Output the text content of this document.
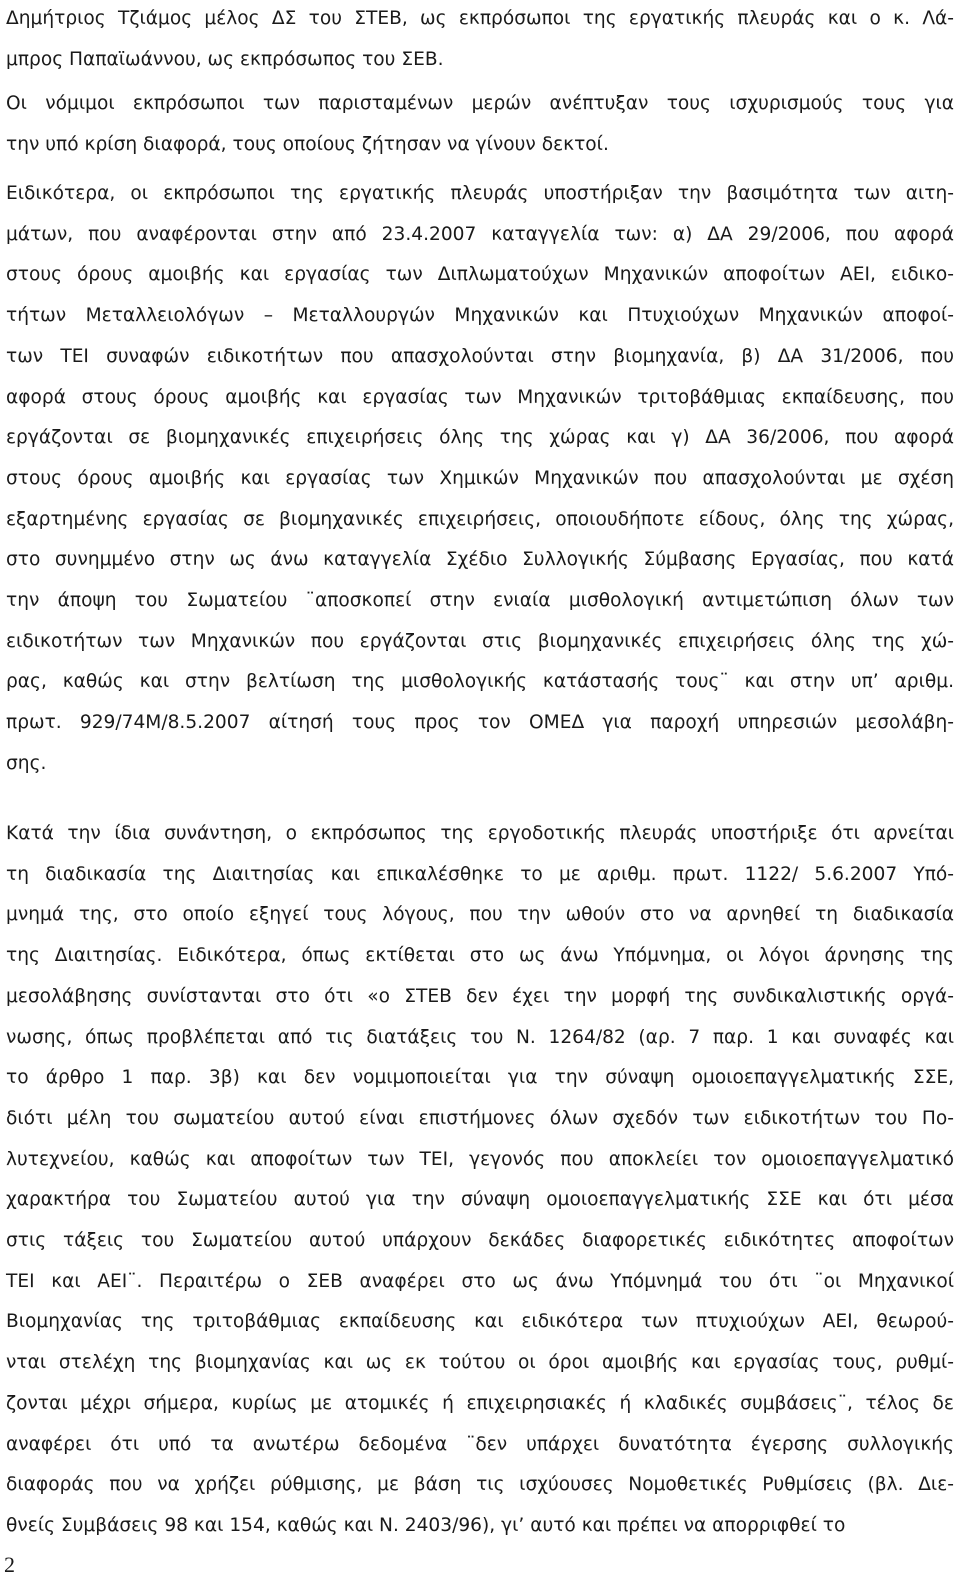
Δημήτριος Τζιάμος μέλος ΔΣ του ΣΤΕΒ, ως εκπρόσωποι της εργατικής πλευράς και ο κ. Λά-
μπρος Παπαϊωάννου, ως εκπρόσωπος του ΣΕΒ.
Οι νόμιμοι εκπρόσωποι των παρισταμένων μερών ανέπτυξαν τους ισχυρισμούς τους για
την υπό κρίση διαφορά, τους οποίους ζήτησαν να γίνουν δεκτοί.
Ειδικότερα, οι εκπρόσωποι της εργατικής πλευράς υποστήριξαν την βασιμότητα των αιτη-
μάτων, που αναφέρονται στην από 23.4.2007 καταγγελία των: α) ΔΑ 29/2006, που αφορά
στους όρους αμοιβής και εργασίας των Διπλωματούχων Μηχανικών αποφοίτων ΑΕΙ, ειδικο-
τήτων Μεταλλειολόγων – Μεταλλουργών Μηχανικών και Πτυχιούχων Μηχανικών αποφοί-
των ΤΕΙ συναφών ειδικοτήτων που απασχολούνται στην βιομηχανία, β) ΔΑ 31/2006, που
αφορά στους όρους αμοιβής και εργασίας των Μηχανικών τριτοβάθμιας εκπαίδευσης, που
εργάζονται σε βιομηχανικές επιχειρήσεις όλης της χώρας και γ) ΔΑ 36/2006, που αφορά
στους όρους αμοιβής και εργασίας των Χημικών Μηχανικών που απασχολούνται με σχέση
εξαρτημένης εργασίας σε βιομηχανικές επιχειρήσεις, οποιουδήποτε είδους, όλης της χώρας,
στο συνημμένο στην ως άνω καταγγελία Σχέδιο Συλλογικής Σύμβασης Εργασίας, που κατά
την άποψη του Σωματείου ¨αποσκοπεί στην ενιαία μισθολογική αντιμετώπιση όλων των
ειδικοτήτων των Μηχανικών που εργάζονται στις βιομηχανικές επιχειρήσεις όλης της χώ-
ρας, καθώς και στην βελτίωση της μισθολογικής κατάστασής τους¨ και στην υπ’ αριθμ.
πρωτ. 929/74Μ/8.5.2007 αίτησή τους προς τον ΟΜΕΔ για παροχή υπηρεσιών μεσολάβη-
σης.
Κατά την ίδια συνάντηση, ο εκπρόσωπος της εργοδοτικής πλευράς υποστήριξε ότι αρνείται
τη διαδικασία της Διαιτησίας και επικαλέσθηκε το με αριθμ. πρωτ. 1122/ 5.6.2007 Υπό-
μνημά της, στο οποίο εξηγεί τους λόγους, που την ωθούν στο να αρνηθεί τη διαδικασία
της Διαιτησίας. Ειδικότερα, όπως εκτίθεται στο ως άνω Υπόμνημα, οι λόγοι άρνησης της
μεσολάβησης συνίστανται στο ότι «ο ΣΤΕΒ δεν έχει την μορφή της συνδικαλιστικής οργά-
νωσης, όπως προβλέπεται από τις διατάξεις του Ν. 1264/82 (αρ. 7 παρ. 1 και συναφές και
το άρθρο 1 παρ. 3β) και δεν νομιμοποιείται για την σύναψη ομοιοεπαγγελματικής ΣΣΕ,
διότι μέλη του σωματείου αυτού είναι επιστήμονες όλων σχεδόν των ειδικοτήτων του Πο-
λυτεχνείου, καθώς και αποφοίτων των ΤΕΙ, γεγονός που αποκλείει τον ομοιοεπαγγελματικό
χαρακτήρα του Σωματείου αυτού για την σύναψη ομοιοεπαγγελματικής ΣΣΕ και ότι μέσα
στις τάξεις του Σωματείου αυτού υπάρχουν δεκάδες διαφορετικές ειδικότητες αποφοίτων
ΤΕΙ και ΑΕΙ¨. Περαιτέρω ο ΣΕΒ αναφέρει στο ως άνω Υπόμνημά του ότι ¨οι Μηχανικοί
Βιομηχανίας της τριτοβάθμιας εκπαίδευσης και ειδικότερα των πτυχιούχων ΑΕΙ, θεωρού-
νται στελέχη της βιομηχανίας και ως εκ τούτου οι όροι αμοιβής και εργασίας τους, ρυθμί-
ζονται μέχρι σήμερα, κυρίως με ατομικές ή επιχειρησιακές ή κλαδικές συμβάσεις¨, τέλος δε
αναφέρει ότι υπό τα ανωτέρω δεδομένα ¨δεν υπάρχει δυνατότητα έγερσης συλλογικής
διαφοράς που να χρήζει ρύθμισης, με βάση τις ισχύουσες Νομοθετικές Ρυθμίσεις (βλ. Διε-
θνείς Συμβάσεις 98 και 154, καθώς και Ν. 2403/96), γι’ αυτό και πρέπει να απορριφθεί το
2
